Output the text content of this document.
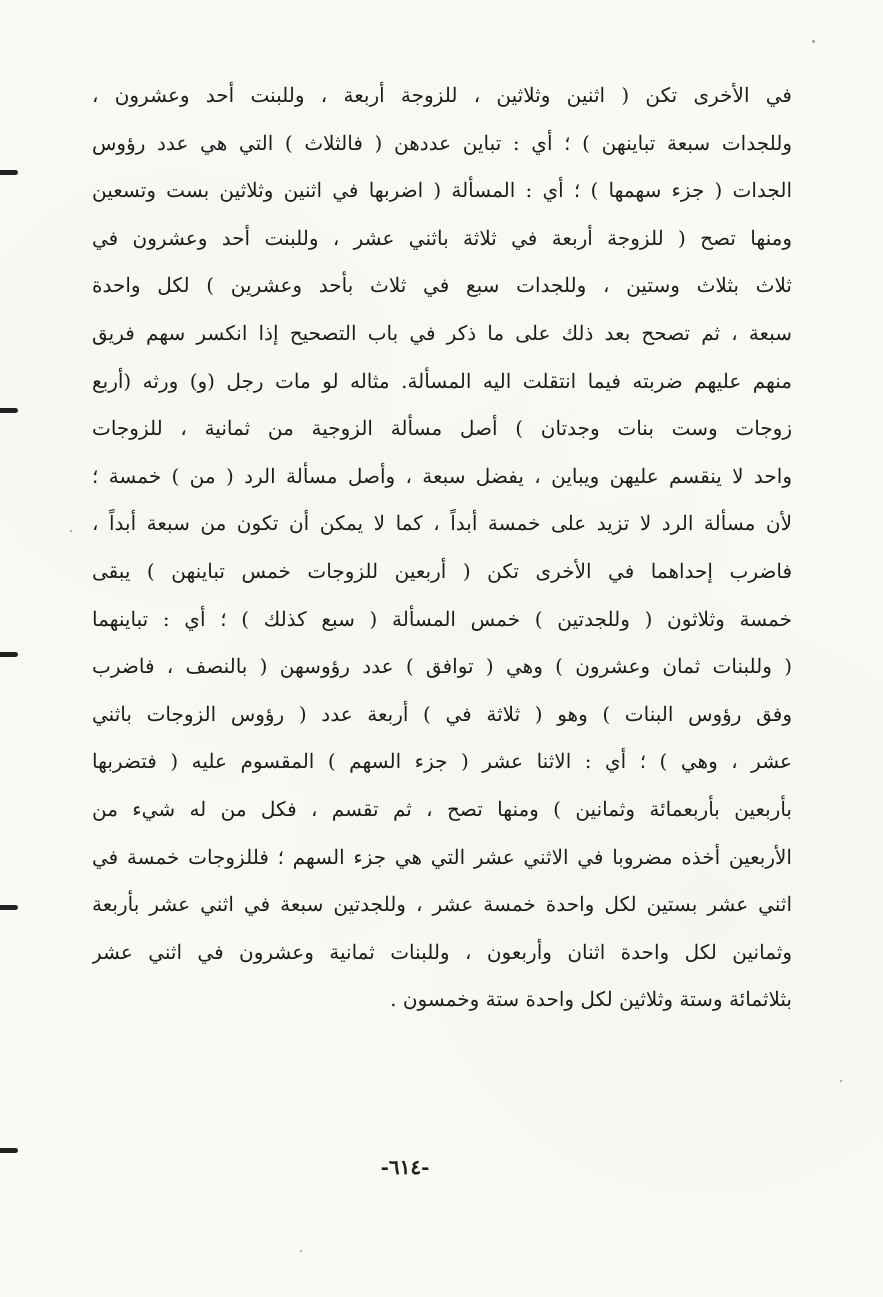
في الأخرى تكن ( اثنين وثلاثين ، للزوجة أربعة ، وللبنت أحد وعشرون ،
وللجدات سبعة تباينهن ) ؛ أي : تباين عددهن ( فالثلاث ) التي هي عدد رؤوس
الجدات ( جزء سهمها ) ؛ أي : المسألة ( اضربها في اثنين وثلاثين بست وتسعين
ومنها تصح ( للزوجة أربعة في ثلاثة باثني عشر ، وللبنت أحد وعشرون في
ثلاث بثلاث وستين ، وللجدات سبع في ثلاث بأحد وعشرين ) لكل واحدة
سبعة ، ثم تصحح بعد ذلك على ما ذكر في باب التصحيح إذا انكسر سهم فريق
منهم عليهم ضربته فيما انتقلت اليه المسألة. مثاله لو مات رجل (و) ورثه (أربع
زوجات وست بنات وجدتان ) أصل مسألة الزوجية من ثمانية ، للزوجات
واحد لا ينقسم عليهن ويباين ، يفضل سبعة ، وأصل مسألة الرد ( من ) خمسة ؛
لأن مسألة الرد لا تزيد على خمسة أبداً ، كما لا يمكن أن تكون من سبعة أبداً ،
فاضرب إحداهما في الأخرى تكن ( أربعين للزوجات خمس تباينهن ) يبقى
خمسة وثلاثون ( وللجدتين ) خمس المسألة ( سبع كذلك ) ؛ أي : تباينهما
( وللبنات ثمان وعشرون ) وهي ( توافق ) عدد رؤوسهن ( بالنصف ، فاضرب
وفق رؤوس البنات ) وهو ( ثلاثة في ) أربعة عدد ( رؤوس الزوجات باثني
عشر ، وهي ) ؛ أي : الاثنا عشر ( جزء السهم ) المقسوم عليه ( فتضربها
بأربعين بأربعمائة وثمانين ) ومنها تصح ، ثم تقسم ، فكل من له شيء من
الأربعين أخذه مضروبا في الاثني عشر التي هي جزء السهم ؛ فللزوجات خمسة في
اثني عشر بستين لكل واحدة خمسة عشر ، وللجدتين سبعة في اثني عشر بأربعة
وثمانين لكل واحدة اثنان وأربعون ، وللبنات ثمانية وعشرون في اثني عشر
بثلاثمائة وستة وثلاثين لكل واحدة ستة وخمسون .
-٦١٤-
